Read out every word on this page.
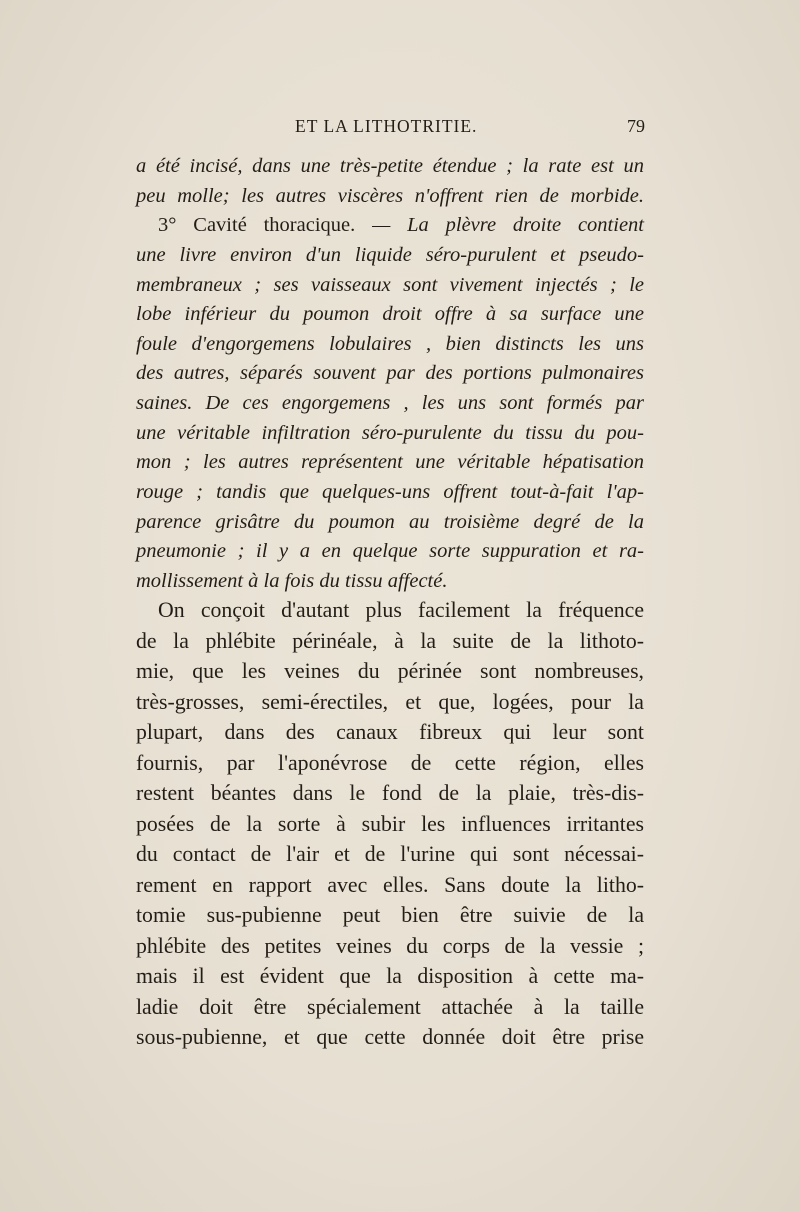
ET LA LITHOTRITIE.	79
a été incisé, dans une très-petite étendue ; la rate est un
peu molle; les autres viscères n'offrent rien de morbide.
3° Cavité thoracique. — La plèvre droite contient
une livre environ d'un liquide séro-purulent et pseudo-
membraneux ; ses vaisseaux sont vivement injectés ; le
lobe inférieur du poumon droit offre à sa surface une
foule d'engorgemens lobulaires , bien distincts les uns
des autres, séparés souvent par des portions pulmonaires
saines. De ces engorgemens , les uns sont formés par
une véritable infiltration séro-purulente du tissu du pou-
mon ; les autres représentent une véritable hépatisation
rouge ; tandis que quelques-uns offrent tout-à-fait l'ap-
parence grisâtre du poumon au troisième degré de la
pneumonie ; il y a en quelque sorte suppuration et ra-
mollissement à la fois du tissu affecté.
On conçoit d'autant plus facilement la fréquence
de la phlébite périnéale, à la suite de la lithoto-
mie, que les veines du périnée sont nombreuses,
très-grosses, semi-érectiles, et que, logées, pour la
plupart, dans des canaux fibreux qui leur sont
fournis, par l'aponévrose de cette région, elles
restent béantes dans le fond de la plaie, très-dis-
posées de la sorte à subir les influences irritantes
du contact de l'air et de l'urine qui sont nécessai-
rement en rapport avec elles. Sans doute la litho-
tomie sus-pubienne peut bien être suivie de la
phlébite des petites veines du corps de la vessie ;
mais il est évident que la disposition à cette ma-
ladie doit être spécialement attachée à la taille
sous-pubienne, et que cette donnée doit être prise
